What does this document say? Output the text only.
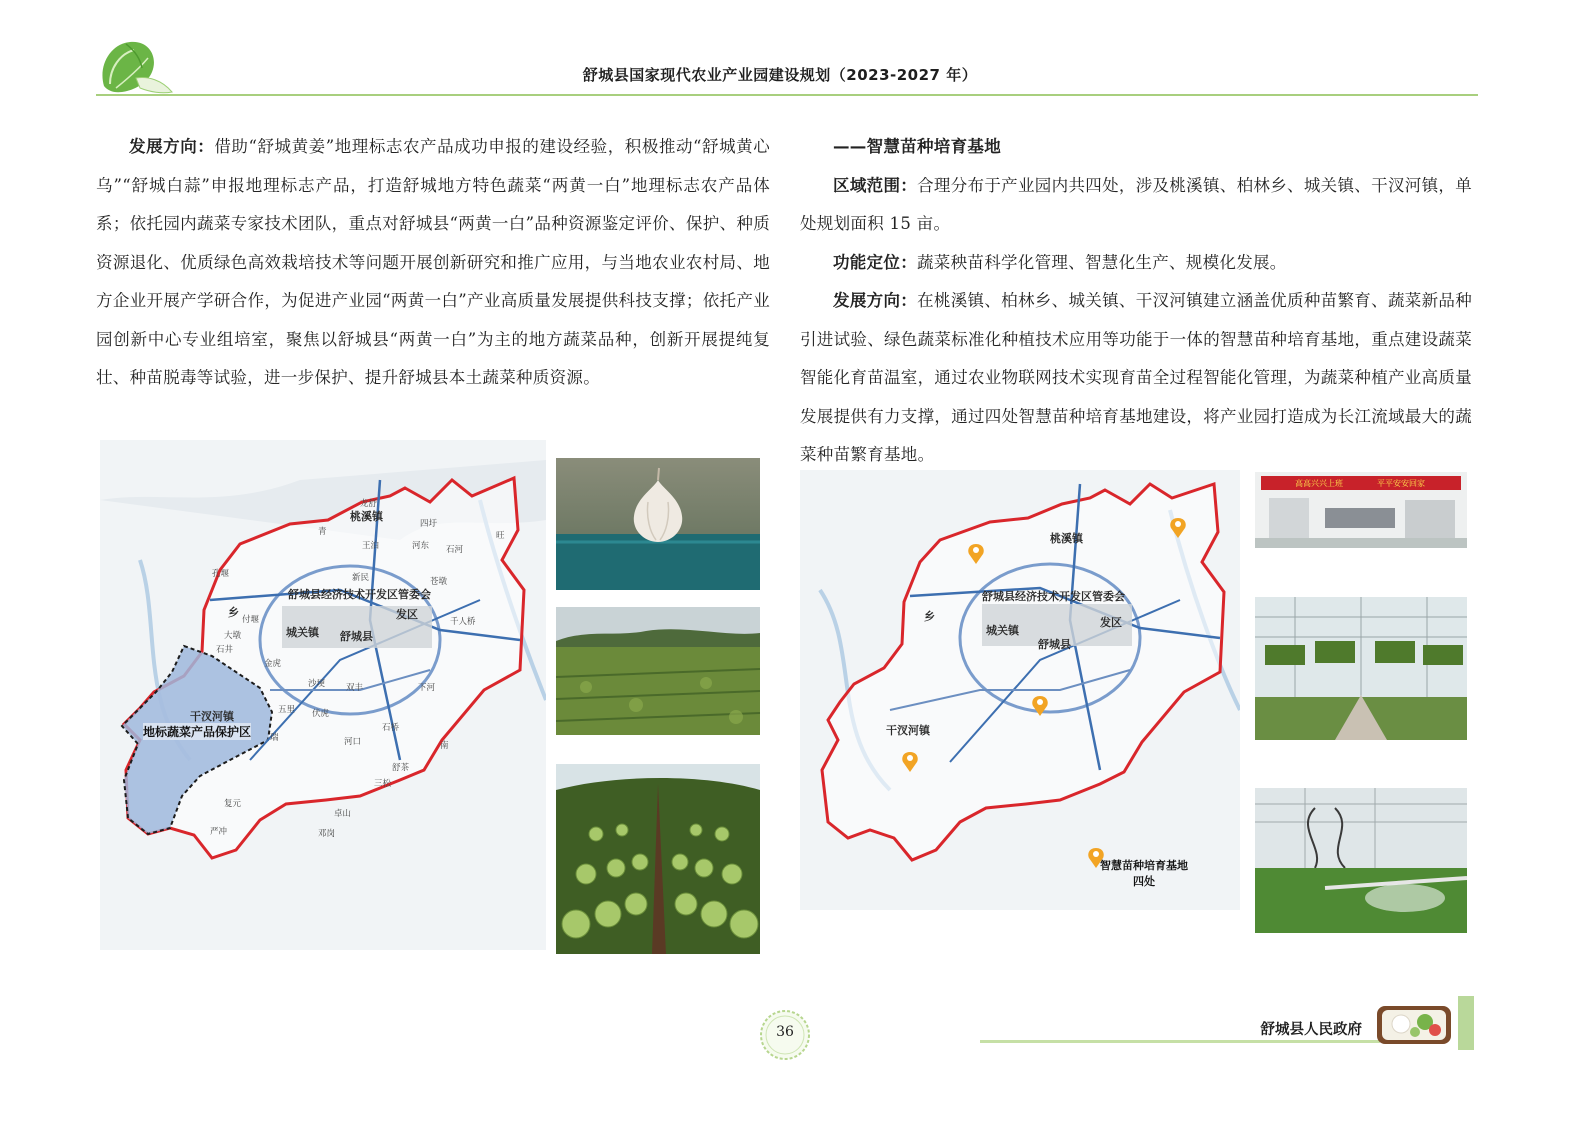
舒城县国家现代农业产业园建设规划（2023-2027 年）

发展方向：借助“舒城黄姜”地理标志农产品成功申报的建设经验，积极推动“舒城黄心乌”“舒城白蒜”申报地理标志产品，打造舒城地方特色蔬菜“两黄一白”地理标志农产品体系；依托园内蔬菜专家技术团队，重点对舒城县“两黄一白”品种资源鉴定评价、保护、种质资源退化、优质绿色高效栽培技术等问题开展创新研究和推广应用，与当地农业农村局、地方企业开展产学研合作，为促进产业园“两黄一白”产业高质量发展提供科技支撑；依托产业园创新中心专业组培室，聚焦以舒城县“两黄一白”为主的地方蔬菜品种，创新开展提纯复壮、种苗脱毒等试验，进一步保护、提升舒城县本土蔬菜种质资源。

——智慧苗种培育基地

区域范围：合理分布于产业园内共四处，涉及桃溪镇、柏林乡、城关镇、干汊河镇，单处规划面积 15 亩。

功能定位：蔬菜秧苗科学化管理、智慧化生产、规模化发展。

发展方向：在桃溪镇、柏林乡、城关镇、干汊河镇建立涵盖优质种苗繁育、蔬菜新品种引进试验、绿色蔬菜标准化种植技术应用等功能于一体的智慧苗种培育基地，重点建设蔬菜智能化育苗温室，通过农业物联网技术实现育苗全过程智能化管理，为蔬菜种植产业高质量发展提供有力支撑，通过四处智慧苗种培育基地建设，将产业园打造成为长江流域最大的蔬菜种苗繁育基地。

桃溪镇
舒城县经济技术开发区管委会
发区
城关镇 舒城县
乡
干汊河镇
龙舒
四圩
河东 石河
旺
王泊
青
苍墩
孔堰	新民
大墩
付堰
石井
金虎
沙埂 双丰
伏虎
五里
千人桥
下河
南
河口
石桥
舒茶
复元
邓岗
三松
卓山
严冲
瑞
地标蔬菜产品保护区
桃溪镇
舒城县经济技术开发区管委会
发区
城关镇
舒城县
乡
干汊河镇
智慧苗种培育基地
四处
高高兴兴上班	平平安安回家
36	舒城县人民政府
